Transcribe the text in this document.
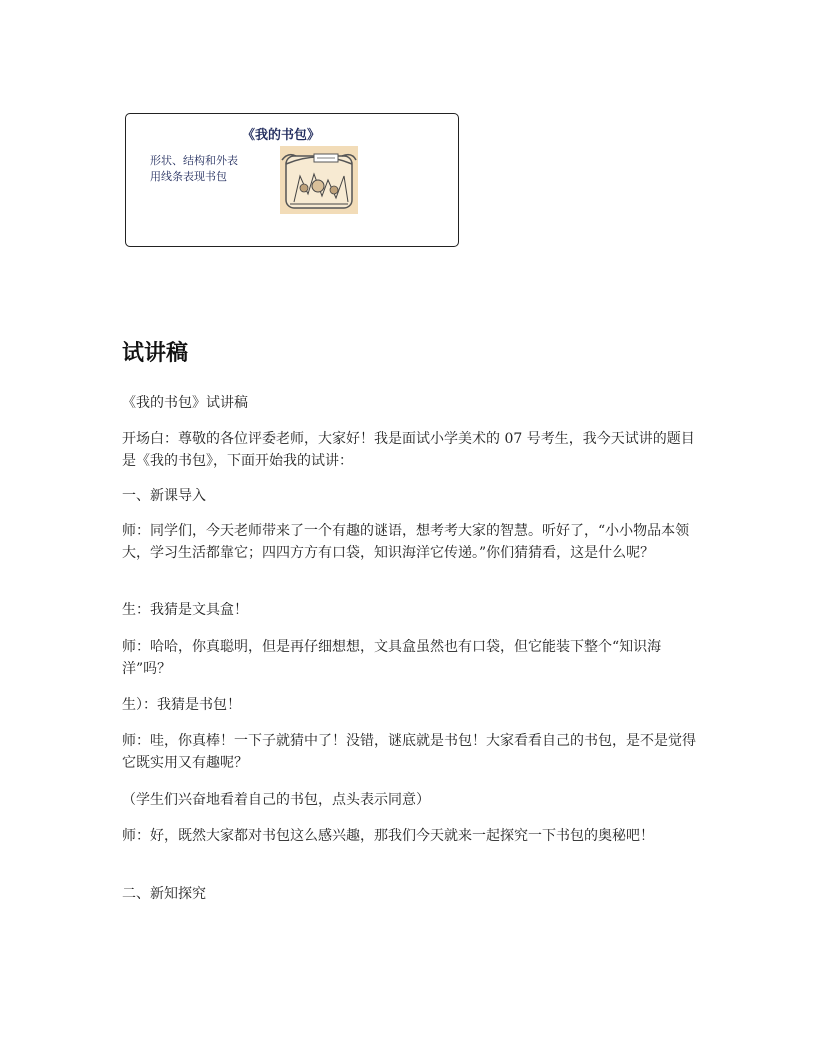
《我的书包》
形状、结构和外表
用线条表现书包
试讲稿
《我的书包》试讲稿
开场白：尊敬的各位评委老师，大家好！我是面试小学美术的 07 号考生，我今天试讲的题目是《我的书包》，下面开始我的试讲：
一、新课导入
师：同学们，今天老师带来了一个有趣的谜语，想考考大家的智慧。听好了，“小小物品本领大，学习生活都靠它；四四方方有口袋，知识海洋它传递。”你们猜猜看，这是什么呢？
生：我猜是文具盒！
师：哈哈，你真聪明，但是再仔细想想，文具盒虽然也有口袋，但它能装下整个“知识海洋”吗？
生）：我猜是书包！
师：哇，你真棒！一下子就猜中了！没错，谜底就是书包！大家看看自己的书包，是不是觉得它既实用又有趣呢？
（学生们兴奋地看着自己的书包，点头表示同意）
师：好，既然大家都对书包这么感兴趣，那我们今天就来一起探究一下书包的奥秘吧！
二、新知探究
